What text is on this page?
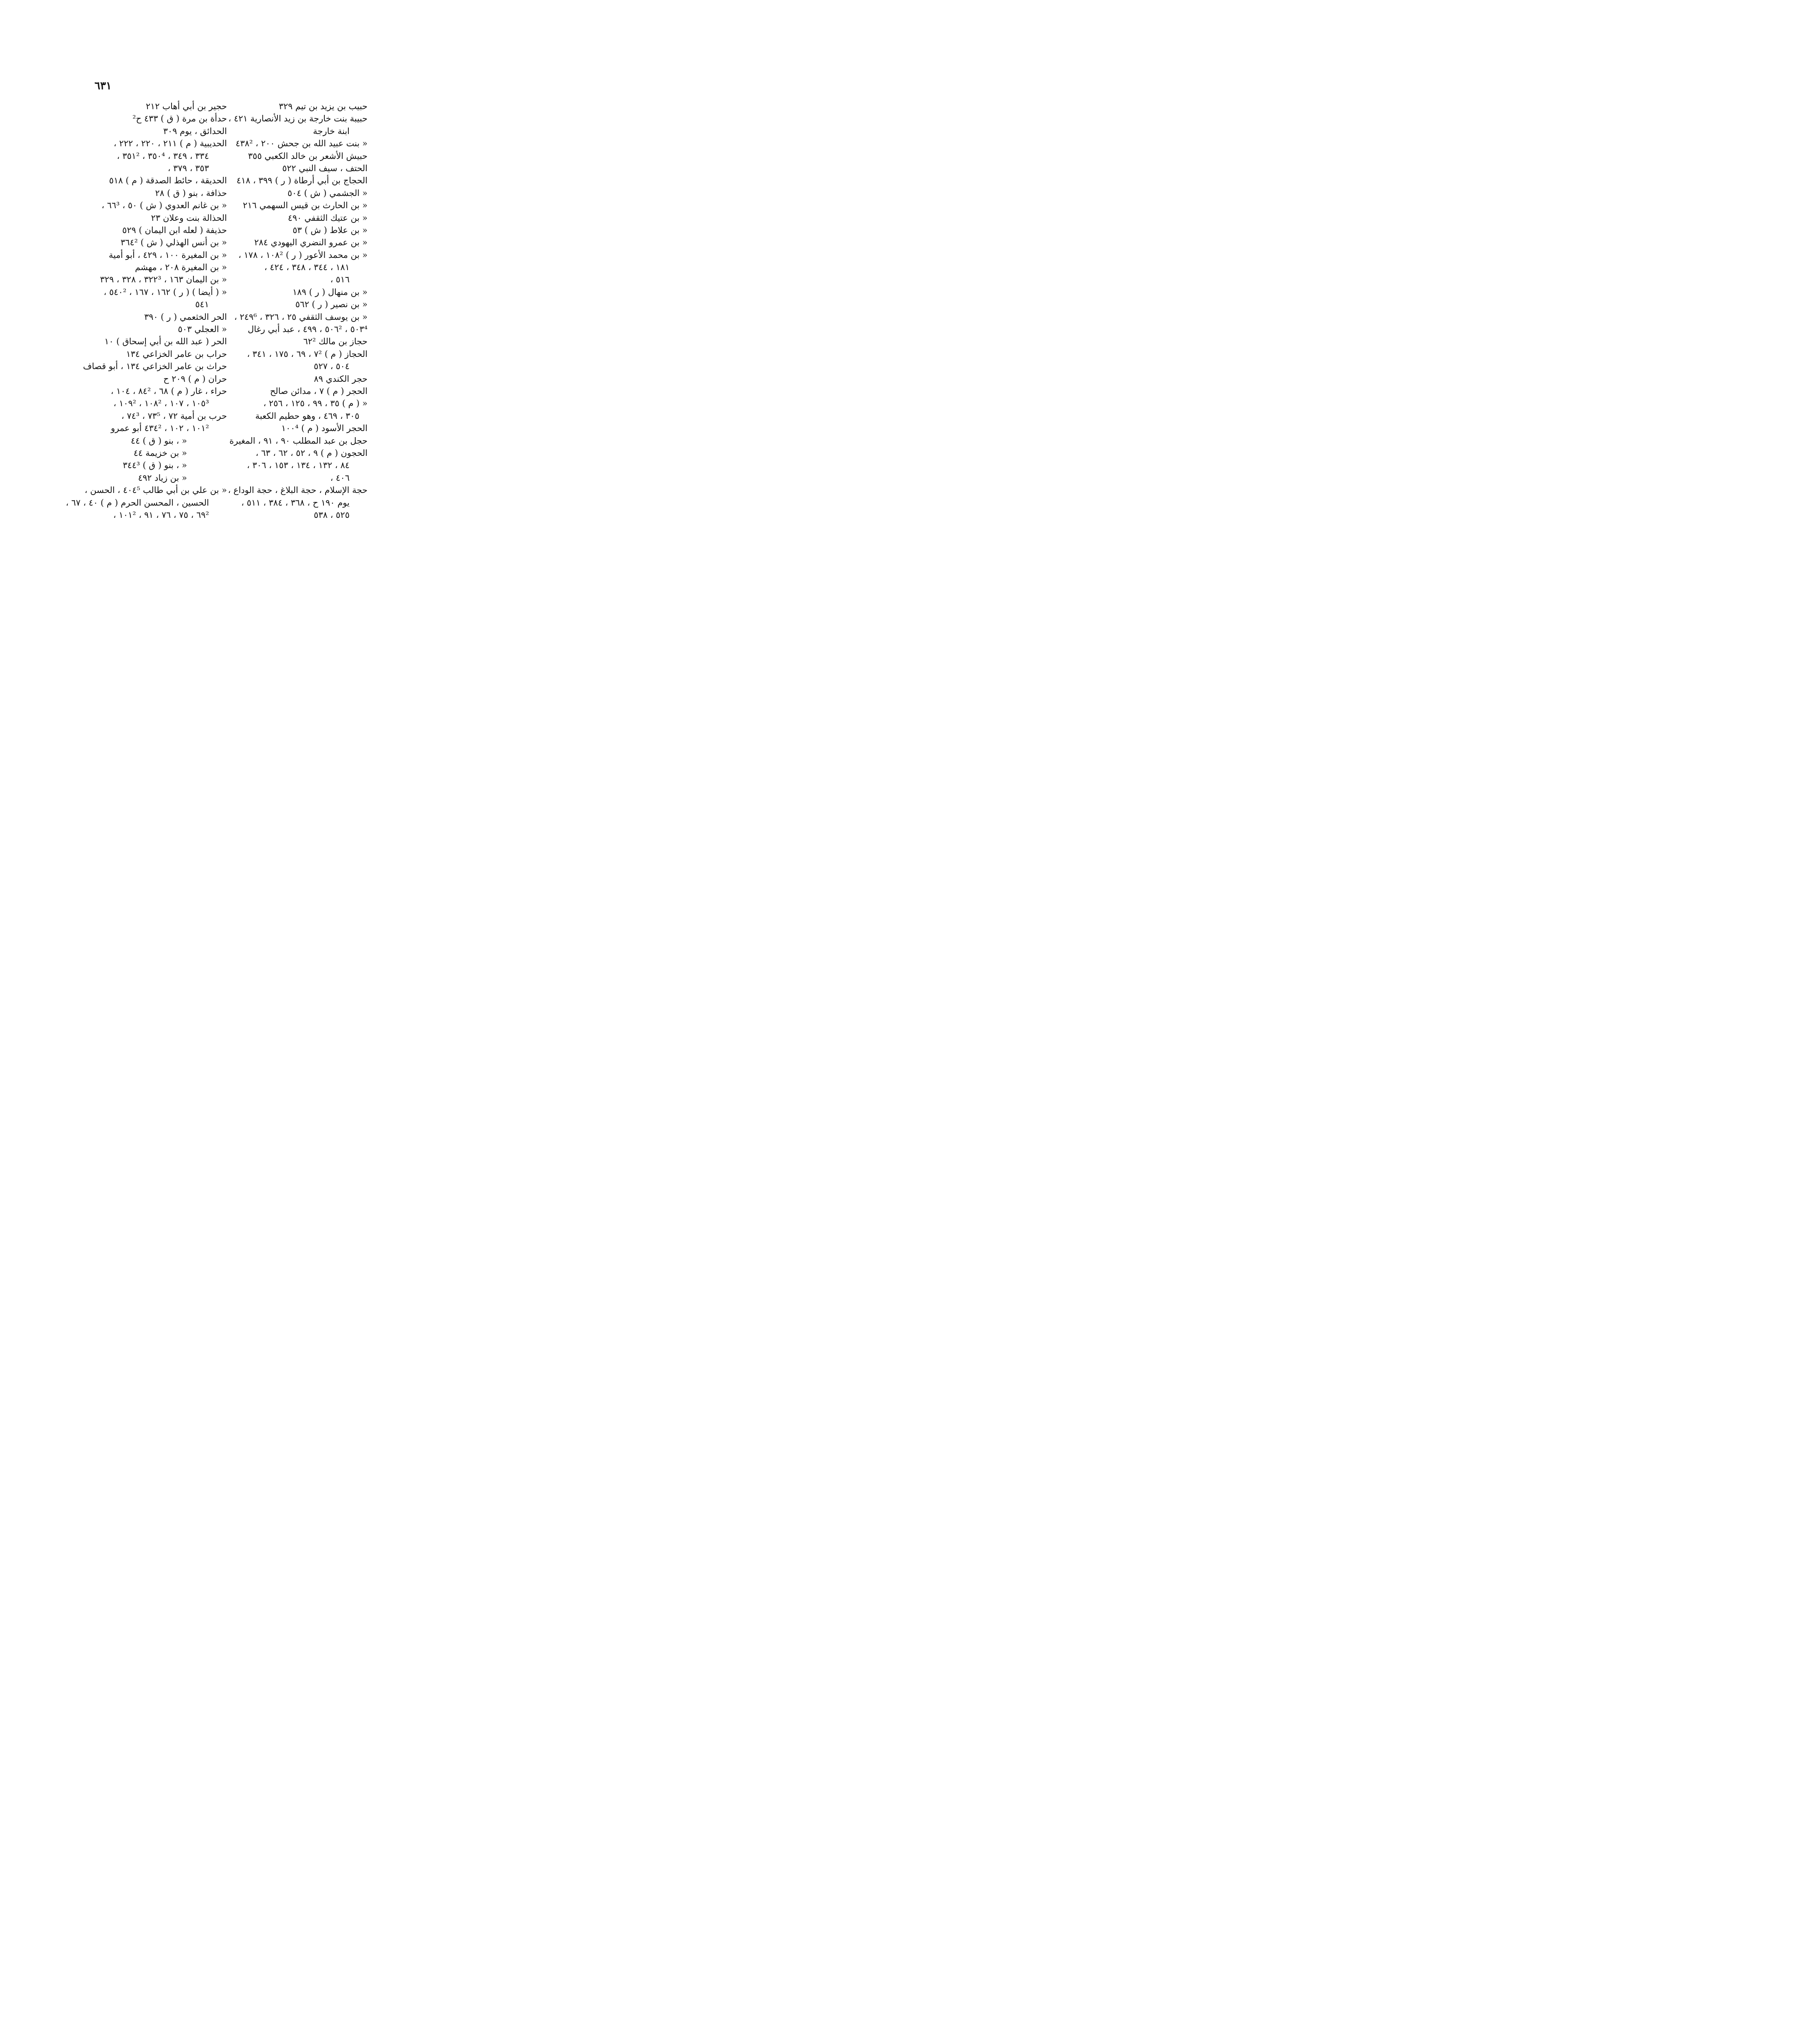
٦٣١
حبيب بن يزيد بن تيم ٣٢٩
حبيبة بنت خارجة بن زيد الأنصارية ٤٢١ ،
ابنة خارجة
« بنت عبيد الله بن جحش ٢٠٠ ، ٤٣٨²
حبيش الأشعر بن خالد الكعبي ٣٥٥
الحتف ، سيف النبي ٥٢٢
الحجاج بن أبي أرطاة ( ر ) ٣٩٩ ، ٤١٨
« الجشمي ( ش ) ٥٠٤
« بن الحارث بن قيس السهمي ٢١٦
« بن عتيك الثقفي ٤٩٠
« بن علاط ( ش ) ٥٣
« بن عمرو النضري اليهودي ٢٨٤
« بن محمد الأعور ( ر ) ١٠٨² ، ١٧٨ ،
١٨١ ، ٣٤٤ ، ٣٤٨ ، ٤٢٤ ،
٥١٦ ،
« بن منهال ( ر ) ١٨٩
« بن نصير ( ر ) ٥٦٢
« بن يوسف الثقفي ٢٥ ، ٣٢٦ ، ٢٤٩⁶ ،
٥٠٣⁴ ، ٥٠٦² ، ٤٩٩ ، عبد أبي رغال
حجاز بن مالك ٦٢²
الحجاز ( م ) ٧² ، ٦٩ ، ١٧٥ ، ٣٤١ ،
٥٠٤ ، ٥٢٧
حجر الكندي ٨٩
الحجر ( م ) ٧ ، مدائن صالح
« ( م ) ٣٥ ، ٩٩ ، ١٢٥ ، ٢٥٦ ،
٣٠٥ ، ٤٦٩ ، وهو حطيم الكعبة
الحجر الأسود ( م ) ١٠٠⁴
حجل بن عبد المطلب ٩٠ ، ٩١ ، المغيرة
الحجون ( م ) ٩ ، ٥٢ ، ٦٢ ، ٦٣ ،
٨٤ ، ١٣٢ ، ١٣٤ ، ١٥٣ ، ٣٠٦ ،
٤٠٦ ،
حجة الإسلام ، حجة البلاغ ، حجة الوداع ،
يوم ١٩٠ ح ، ٣٦٨ ، ٣٨٤ ، ٥١١ ،
٥٢٥ ، ٥٣٨
حجير بن أبي أهاب ٢١٢
حدأة بن مرة ( ق ) ٤٣٣ ح²
الحدائق ، يوم ٣٠٩
الحديبية ( م ) ٢١١ ، ٢٢٠ ، ٢٢٢ ،
٣٣٤ ، ٣٤٩ ، ٣٥٠⁴ ، ٣٥١² ،
٣٥٣ ، ٣٧٩ ،
الحديقة ، حائط الصدقة ( م ) ٥١٨
حذافة ، بنو ( ق ) ٢٨
« بن غانم العدوي ( ش ) ٥٠ ، ٦٦³ ،
الحذالة بنت وعلان ٢٣
حذيفة ( لعله ابن اليمان ) ٥٢٩
« بن أنس الهذلي ( ش ) ٣٦٤²
« بن المغيرة ١٠٠ ، ٤٢٩ ، أبو أمية
« بن المغيرة ٢٠٨ ، مهشم
« بن اليمان ١٦٣ ، ٣٢٢³ ، ٣٢٨ ، ٣٢٩
« ( أيضا ) ( ر ) ١٦٢ ، ١٦٧ ، ٥٤٠² ،
٥٤١
الحر الخثعمي ( ر ) ٣٩٠
« العجلي ٥٠٣
الحر ( عبد الله بن أبي إسحاق ) ١٠
حراب بن عامر الخزاعي ١٣٤
حراث بن عامر الخزاعي ١٣٤ ، أبو قصاف
حران ( م ) ٢٠٩ ح
حراء ، غار ( م ) ٦٨ ، ٨٤² ، ١٠٤ ،
١٠٥³ ، ١٠٧ ، ١٠٨² ، ١٠٩² ،
حرب بن أمية ٧٢ ، ٧٣⁵ ، ٧٤³ ،
١٠١² ، ١٠٢ ، ٤٣٤² أبو عمرو
« ، بنو ( ق ) ٤٤
« بن خزيمة ٤٤
« ، بنو ( ق ) ٣٤٤³
« بن زياد ٤٩٢
« بن علي بن أبي طالب ٤٠٤⁵ ، الحسن ،
الحسين ، المحسن الحرم ( م ) ٤٠ ، ٦٧ ،
٦٩² ، ٧٥ ، ٧٦ ، ٩١ ، ١٠١² ،
